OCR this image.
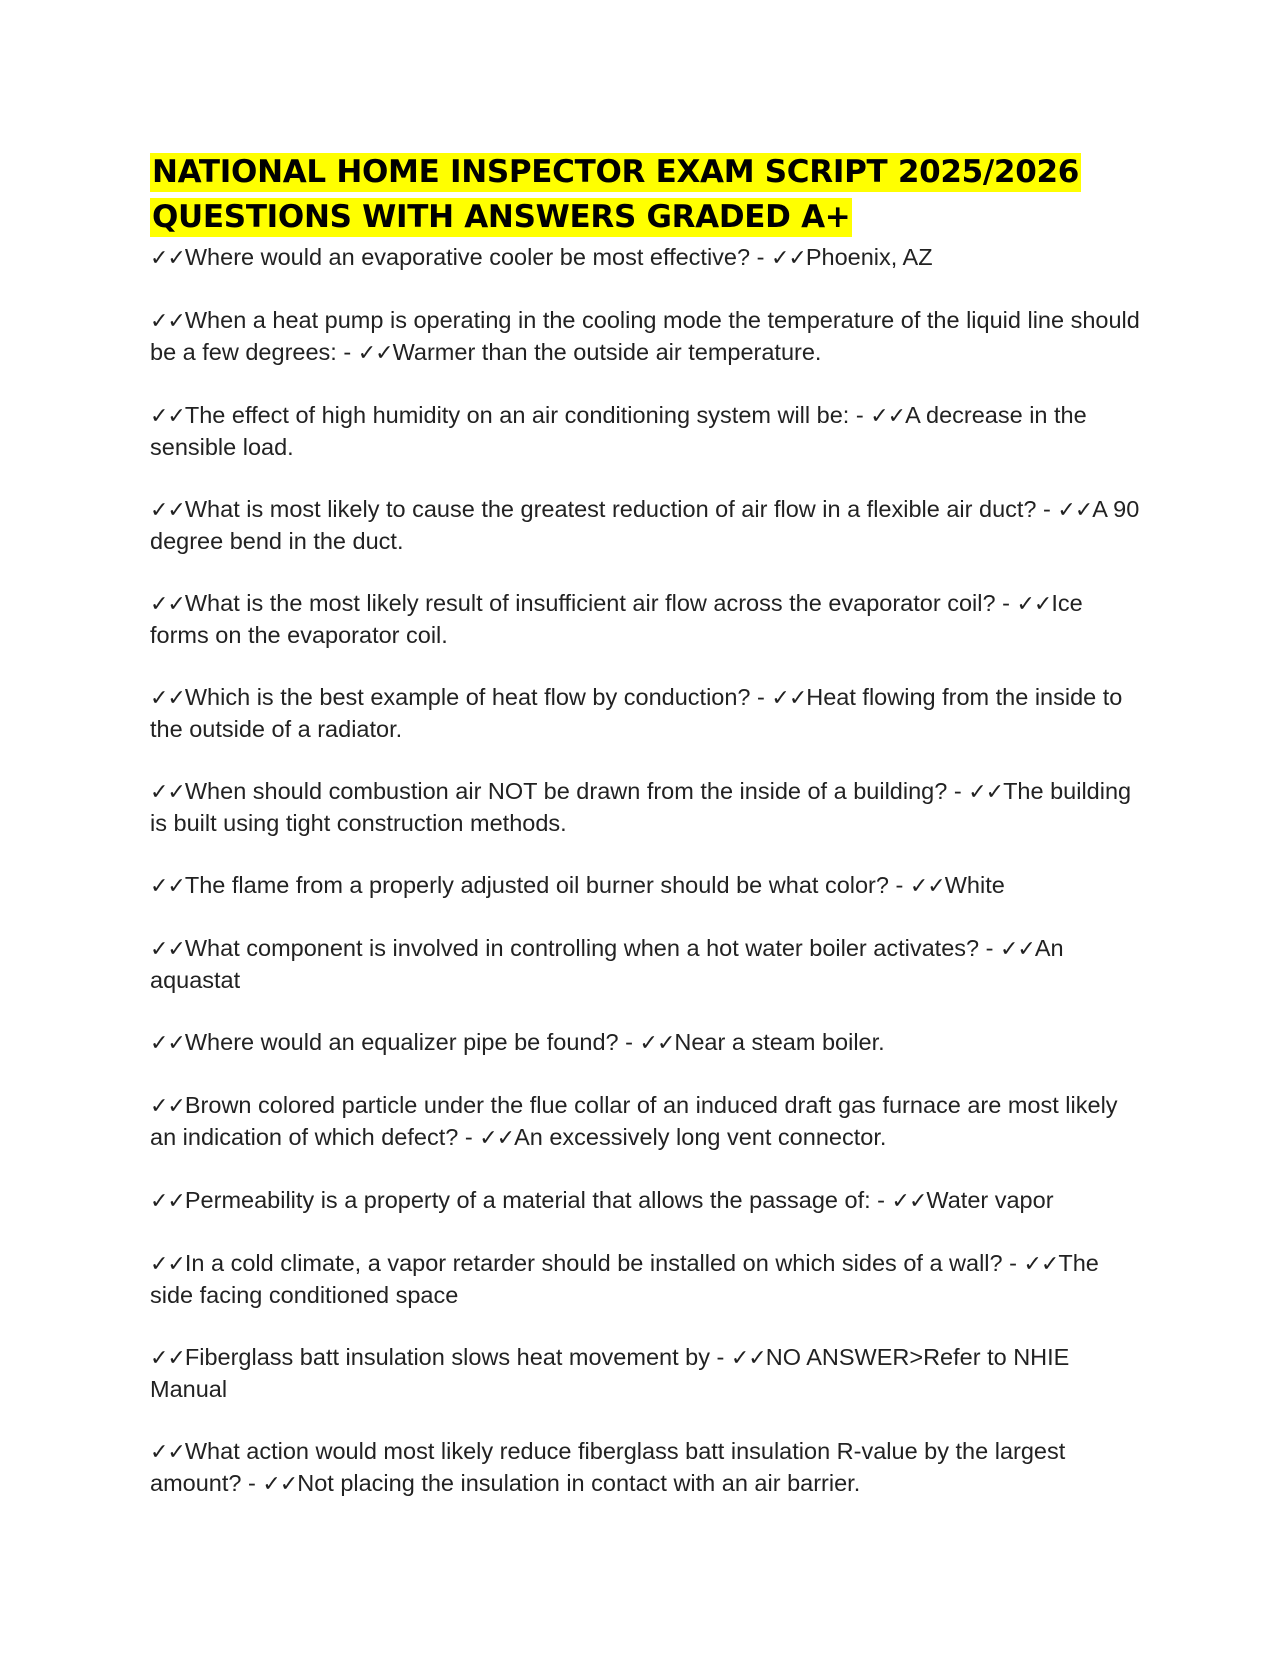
NATIONAL HOME INSPECTOR EXAM SCRIPT 2025/2026
QUESTIONS WITH ANSWERS GRADED A+
✓✓Where would an evaporative cooler be most effective? - ✓✓Phoenix, AZ
✓✓When a heat pump is operating in the cooling mode the temperature of the liquid line should be a few degrees: - ✓✓Warmer than the outside air temperature.
✓✓The effect of high humidity on an air conditioning system will be: - ✓✓A decrease in the sensible load.
✓✓What is most likely to cause the greatest reduction of air flow in a flexible air duct? - ✓✓A 90 degree bend in the duct.
✓✓What is the most likely result of insufficient air flow across the evaporator coil? - ✓✓Ice forms on the evaporator coil.
✓✓Which is the best example of heat flow by conduction? - ✓✓Heat flowing from the inside to the outside of a radiator.
✓✓When should combustion air NOT be drawn from the inside of a building? - ✓✓The building is built using tight construction methods.
✓✓The flame from a properly adjusted oil burner should be what color? - ✓✓White
✓✓What component is involved in controlling when a hot water boiler activates? - ✓✓An aquastat
✓✓Where would an equalizer pipe be found? - ✓✓Near a steam boiler.
✓✓Brown colored particle under the flue collar of an induced draft gas furnace are most likely an indication of which defect? - ✓✓An excessively long vent connector.
✓✓Permeability is a property of a material that allows the passage of: - ✓✓Water vapor
✓✓In a cold climate, a vapor retarder should be installed on which sides of a wall? - ✓✓The side facing conditioned space
✓✓Fiberglass batt insulation slows heat movement by - ✓✓NO ANSWER>Refer to NHIE Manual
✓✓What action would most likely reduce fiberglass batt insulation R-value by the largest amount? - ✓✓Not placing the insulation in contact with an air barrier.
